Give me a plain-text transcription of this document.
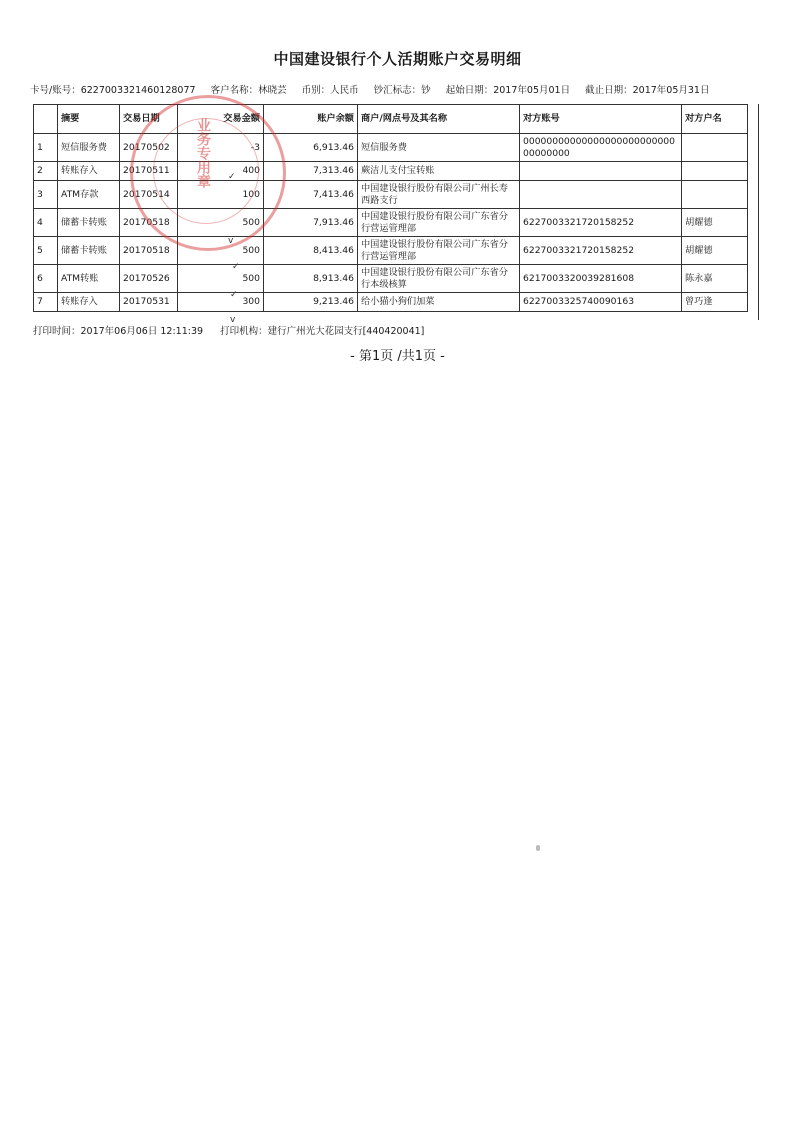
中国建设银行个人活期账户交易明细
卡号/账号：6227003321460128077 客户名称：林晓芸 币别：人民币 钞汇标志：钞 起始日期：2017年05月01日 截止日期：2017年05月31日
	摘要	交易日期	交易金额	账户余额	商户/网点号及其名称	对方账号	对方户名
1	短信服务费	20170502	-3	6,913.46	短信服务费	0000000000000000000000000000000000	
2	转账存入	20170511	400	7,313.46	蕨洁儿支付宝转账		
3	ATM存款	20170514	100	7,413.46	中国建设银行股份有限公司广州长寿西路支行		
4	储蓄卡转账	20170518	500	7,913.46	中国建设银行股份有限公司广东省分行营运管理部	6227003321720158252	胡耀德
5	储蓄卡转账	20170518	500	8,413.46	中国建设银行股份有限公司广东省分行营运管理部	6227003321720158252	胡耀德
6	ATM转账	20170526	500	8,913.46	中国建设银行股份有限公司广东省分行本级核算	6217003320039281608	陈永嘉
7	转账存入	20170531	300	9,213.46	给小猫小狗们加菜	6227003325740090163	曾巧逢
✓
v
✓
✓
v
业务专用章
打印时间：2017年06月06日 12:11:39 打印机构：建行广州光大花园支行[440420041]
- 第1页 /共1页 -
